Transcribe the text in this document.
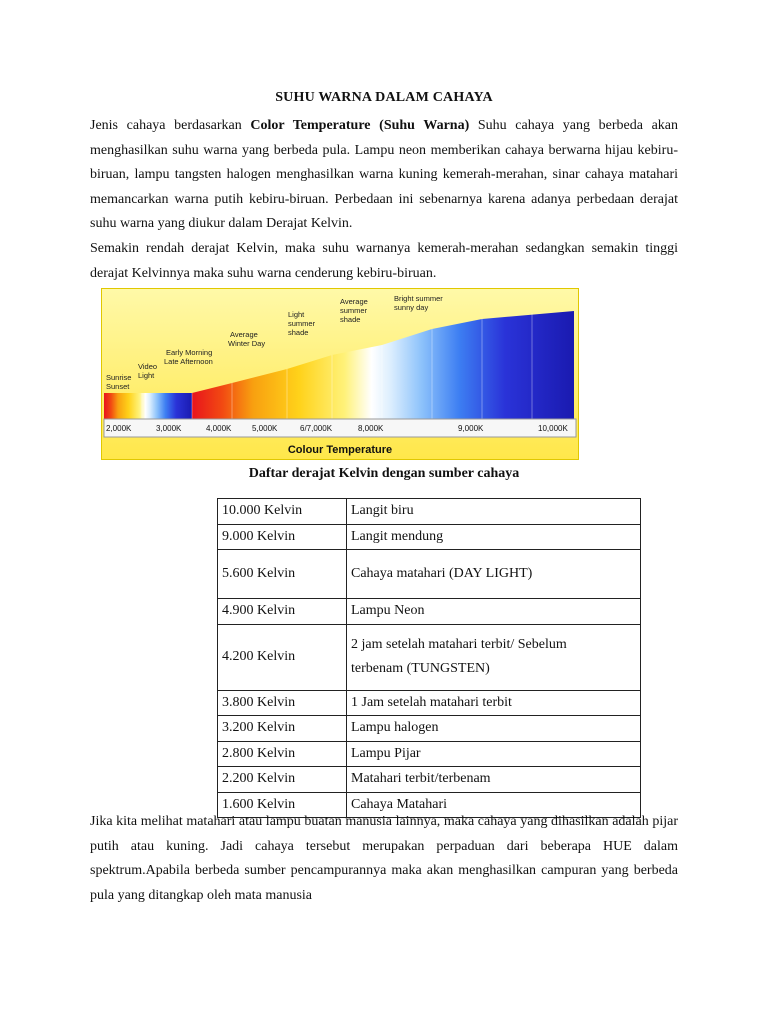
SUHU WARNA DALAM CAHAYA

Jenis cahaya berdasarkan Color Temperature (Suhu Warna) Suhu cahaya yang berbeda akan menghasilkan suhu warna yang berbeda pula. Lampu neon memberikan cahaya berwarna hijau kebiru-biruan, lampu tangsten halogen menghasilkan warna kuning kemerah-merahan, sinar cahaya matahari memancarkan warna putih kebiru-biruan. Perbedaan ini sebenarnya karena adanya perbedaan derajat suhu warna yang diukur dalam Derajat Kelvin.

Semakin rendah derajat Kelvin, maka suhu warnanya kemerah-merahan sedangkan semakin tinggi derajat Kelvinnya maka suhu warna cenderung kebiru-biruan.

Daftar derajat Kelvin dengan sumber cahaya
10.000 Kelvin	Langit biru
9.000 Kelvin	Langit mendung
5.600 Kelvin	Cahaya matahari (DAY LIGHT)
4.900 Kelvin	Lampu Neon
4.200 Kelvin	2 jam setelah matahari terbit/ Sebelum terbenam (TUNGSTEN)
3.800 Kelvin	1 Jam setelah matahari terbit
3.200 Kelvin	Lampu halogen
2.800 Kelvin	Lampu Pijar
2.200 Kelvin	Matahari terbit/terbenam
1.600 Kelvin	Cahaya Matahari

Jika kita melihat matahari atau lampu buatan manusia lainnya, maka cahaya yang dihasilkan adalah pijar putih atau kuning. Jadi cahaya tersebut merupakan perpaduan dari beberapa HUE dalam spektrum.Apabila berbeda sumber pencampurannya maka akan menghasilkan campuran yang berbeda pula yang ditangkap oleh mata manusia

2,000K	3,000K	4,000K	5,000K	6/7,000K	8,000K	9,000K	10,000K
Colour Temperature
Sunrise
Sunset
Video
Light
Early Morning
Late Afternoon
Average
Winter Day
Light
summer
shade
Average
summer
shade
Bright summer
sunny day
